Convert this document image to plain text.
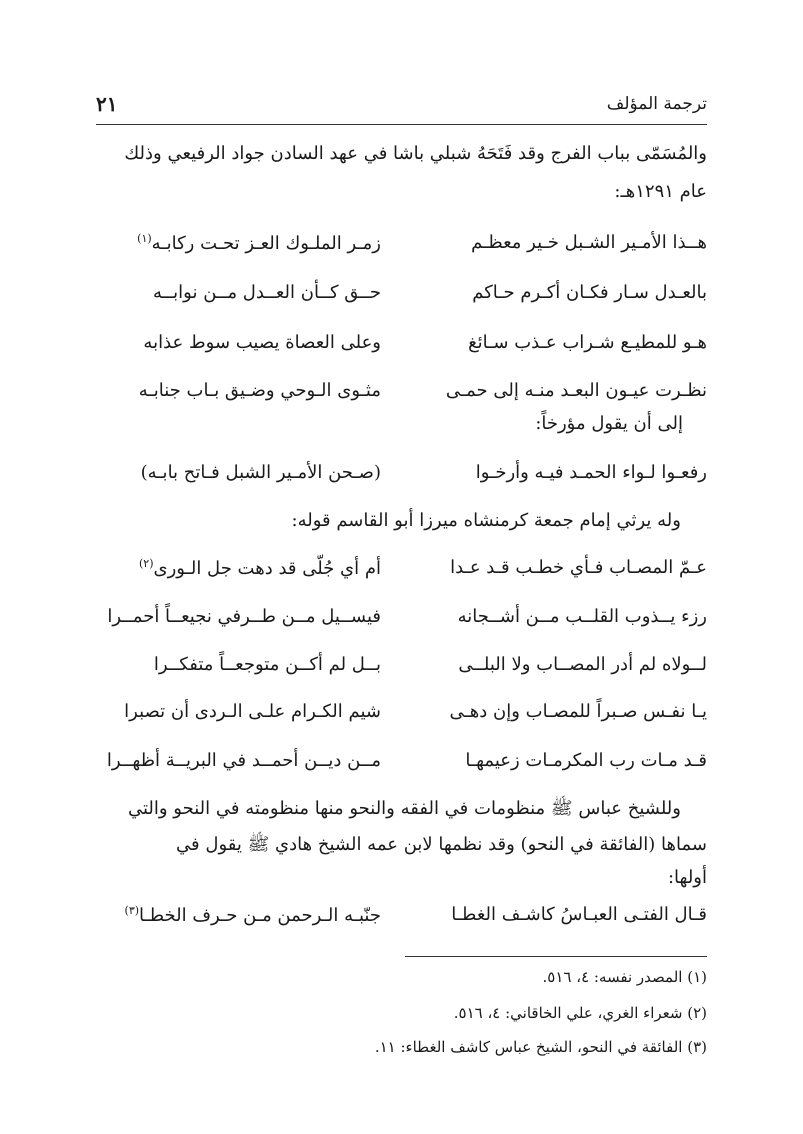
ترجمة المؤلف
٢١
والمُسَمّى بباب الفرج وقد فَتَحَهُ شبلي باشا في عهد السادن جواد الرفيعي وذلك
عام ١٢٩١هـ:
هــذا الأمـير الشـبل خـير معظـم
زمـر الملـوك العـز تحـت ركابـه$^{(١)}$
بالعـدل سـار فكـان أكـرم حـاكم
حــق كــأن العــدل مــن نوابــه
هـو للمطيـع شـراب عـذب سـائغ
وعلى العصاة يصيب سوط عذابه
نظـرت عيـون البعـد منـه إلى حمـى
مثـوى الـوحي وضـيق بـاب جنابـه
إلى أن يقول مؤرخاً:
رفعـوا لـواء الحمـد فيـه وأرخـوا
(صـحن الأمـير الشبل فـاتح بابـه)
وله يرثي إمام جمعة كرمنشاه ميرزا أبو القاسم قوله:
عـمّ المصـاب فـأي خطـب قـد عـدا
أم أي جُلّى قد دهت جل الـورى$^{(٢)}$
رزء يــذوب القلــب مــن أشــجانه
فيســيل مــن طــرفي نجيعــاً أحمــرا
لــولاه لم أدر المصــاب ولا البلــى
بــل لم أكــن متوجعــاً متفكــرا
يـا نفـس صـبراً للمصـاب وإن دهـى
شيم الكـرام علـى الـردى أن تصبرا
قـد مـات رب المكرمـات زعيمهـا
مــن ديــن أحمــد في البريــة أظهــرا
وللشيخ عباس ﷺ منظومات في الفقه والنحو منها منظومته في النحو والتي
سماها (الفائقة في النحو) وقد نظمها لابن عمه الشيخ هادي ﷺ يقول في
أولها:
قـال الفتـى العبـاسُ كاشـف الغطـا
جنّبـه الـرحمن مـن حـرف الخطـا$^{(٣)}$
(١) المصدر نفسه: ٤، ٥١٦.
(٢) شعراء الغري، علي الخاقاني: ٤، ٥١٦.
(٣) الفائقة في النحو، الشيخ عباس كاشف الغطاء: ١١.
